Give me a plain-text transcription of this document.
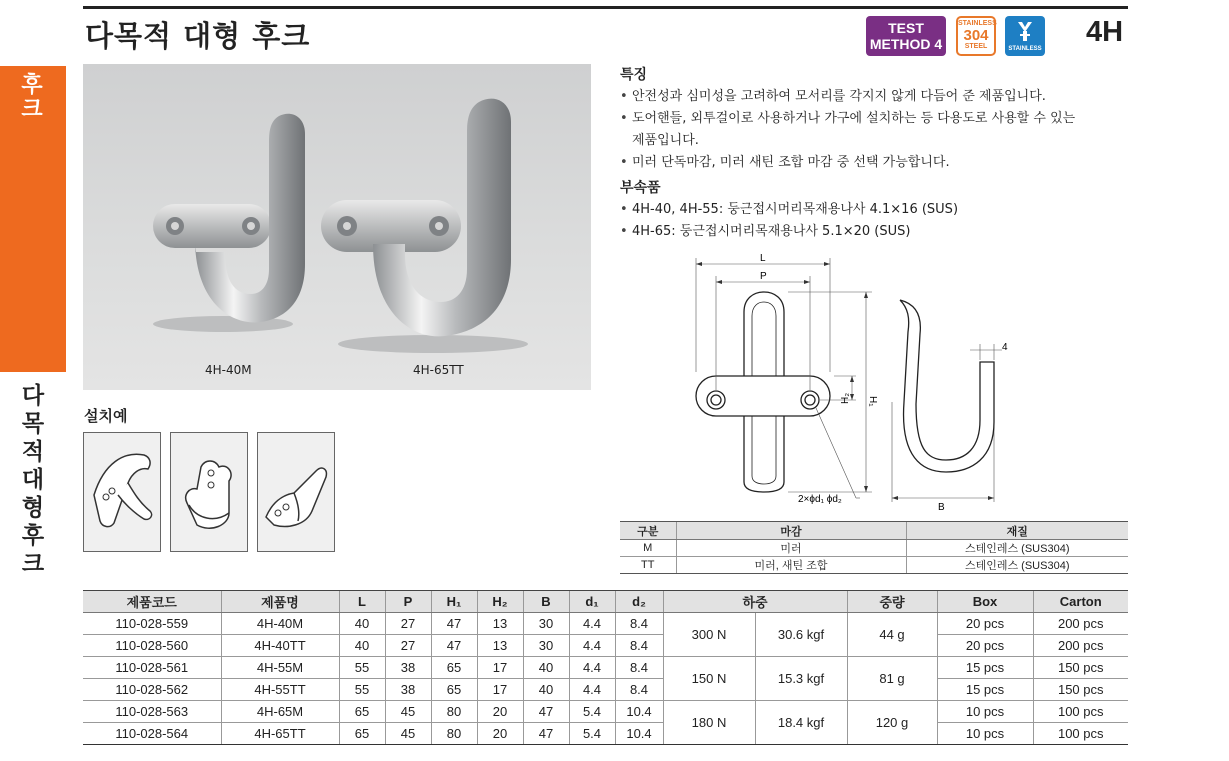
다목적 대형 후크	TEST
METHOD 4
STAINLESS
304
STEEL	STAINLESS
4H
후크
다목적 대형 후크
4H-40M	4H-65TT
설치예
특징
• 안전성과 심미성을 고려하여 모서리를 각지지 않게 다듬어 준 제품입니다.
• 도어핸들, 외투걸이로 사용하거나 가구에 설치하는 등 다용도로 사용할 수 있는
제품입니다.
• 미러 단독마감, 미러 새틴 조합 마감 중 선택 가능합니다.
부속품
• 4H-40, 4H-55: 둥근접시머리목재용나사 4.1×16 (SUS)
• 4H-65: 둥근접시머리목재용나사 5.1×20 (SUS)
L
P
H₁
H₂
2×ϕd₁ ϕd₂
B
4
구분	마감	재질
M	미러	스테인레스 (SUS304)
TT	미러, 새틴 조합	스테인레스 (SUS304)
제품코드	제품명	L	P	H₁	H₂	B	d₁	d₂	하중		중량	Box	Carton
110-028-559	4H-40M	40	27	47	13	30	4.4	8.4	300 N	30.6 kgf	44 g	20 pcs	200 pcs
110-028-560	4H-40TT	40	27	47	13	30	4.4	8.4				20 pcs	200 pcs
110-028-561	4H-55M	55	38	65	17	40	4.4	8.4	150 N	15.3 kgf	81 g	15 pcs	150 pcs
110-028-562	4H-55TT	55	38	65	17	40	4.4	8.4				15 pcs	150 pcs
110-028-563	4H-65M	65	45	80	20	47	5.4	10.4	180 N	18.4 kgf	120 g	10 pcs	100 pcs
110-028-564	4H-65TT	65	45	80	20	47	5.4	10.4				10 pcs	100 pcs
